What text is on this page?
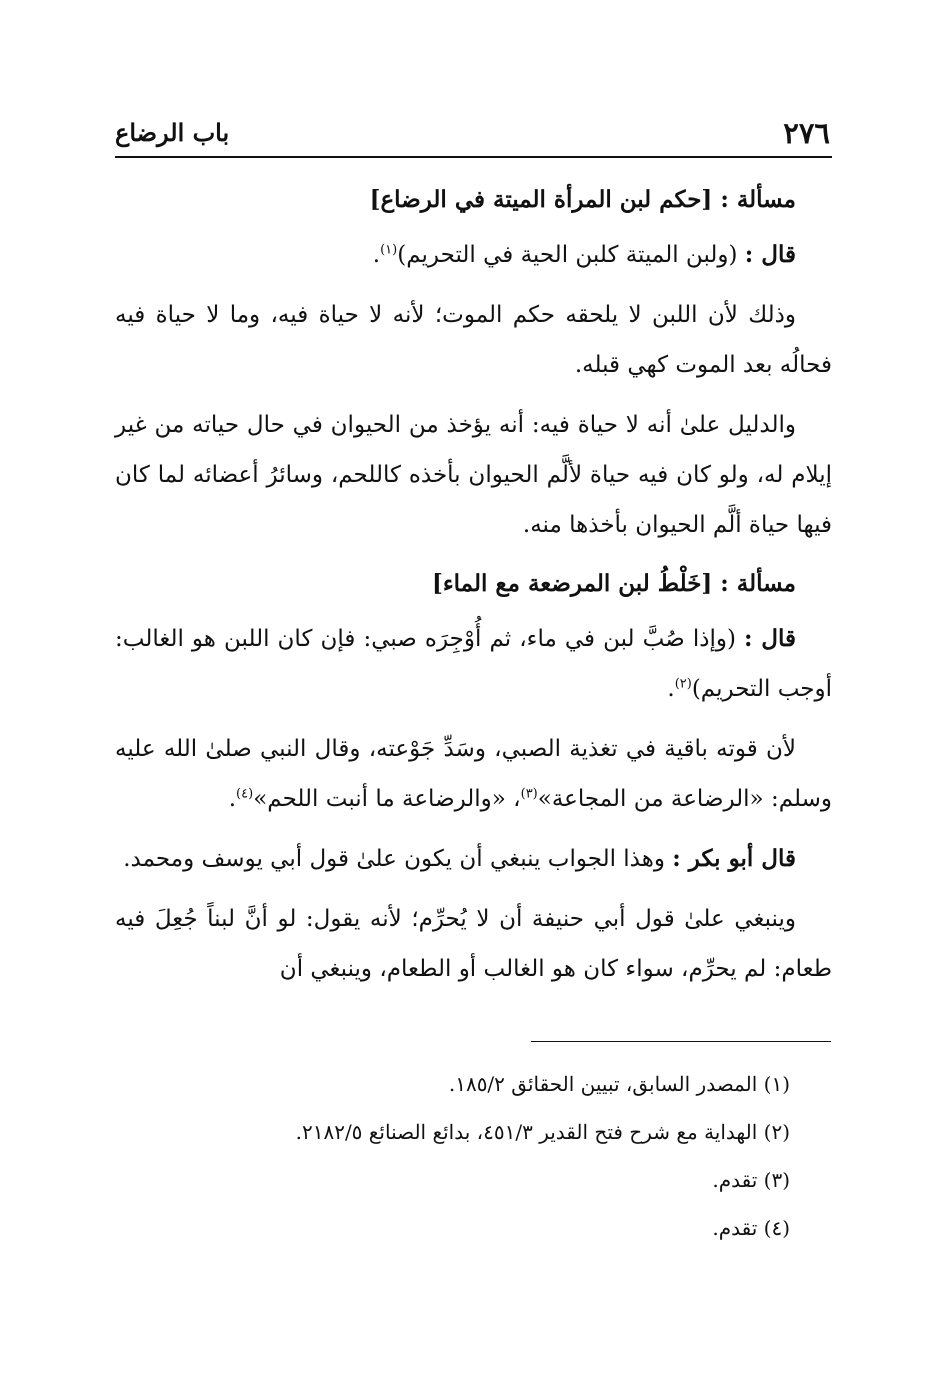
٢٧٦
باب الرضاع

مسألة : [حكم لبن المرأة الميتة في الرضاع]

قال : (ولبن الميتة كلبن الحية في التحريم)$^{(١)}$.

وذلك لأن اللبن لا يلحقه حكم الموت؛ لأنه لا حياة فيه، وما لا حياة فيه فحالُه بعد الموت كهي قبله.

والدليل علىٰ أنه لا حياة فيه: أنه يؤخذ من الحيوان في حال حياته من غير إيلام له، ولو كان فيه حياة لألَّم الحيوان بأخذه كاللحم، وسائرُ أعضائه لما كان فيها حياة ألَّم الحيوان بأخذها منه.

مسألة : [خَلْطُ لبن المرضعة مع الماء]

قال : (وإذا صُبَّ لبن في ماء، ثم أُوْجِرَه صبي: فإن كان اللبن هو الغالب: أوجب التحريم)$^{(٢)}$.

لأن قوته باقية في تغذية الصبي، وسَدِّ جَوْعته، وقال النبي صلىٰ الله عليه وسلم: «الرضاعة من المجاعة»$^{(٣)}$، «والرضاعة ما أنبت اللحم»$^{(٤)}$.

قال أبو بكر : وهذا الجواب ينبغي أن يكون علىٰ قول أبي يوسف ومحمد.

وينبغي علىٰ قول أبي حنيفة أن لا يُحرِّم؛ لأنه يقول: لو أنَّ لبناً جُعِلَ فيه طعام: لم يحرِّم، سواء كان هو الغالب أو الطعام، وينبغي أن

(١) المصدر السابق، تبيين الحقائق ١٨٥/٢.

(٢) الهداية مع شرح فتح القدير ٤٥١/٣، بدائع الصنائع ٢١٨٢/٥.

(٣) تقدم.

(٤) تقدم.
